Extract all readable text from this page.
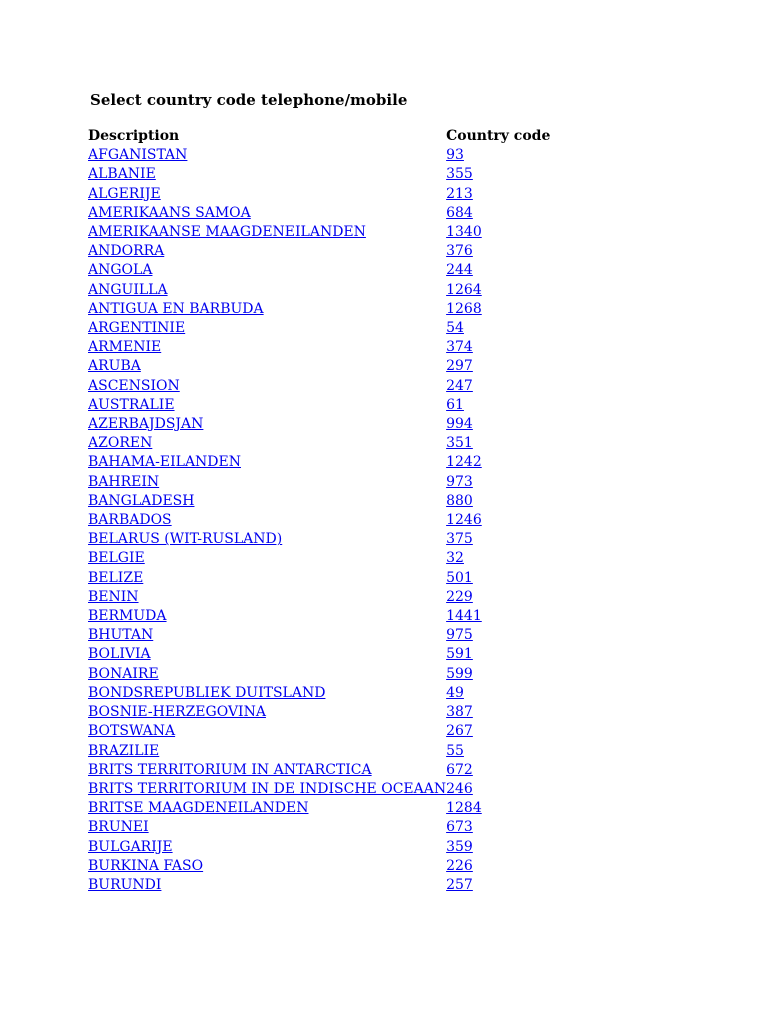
Select country code telephone/mobile
Description	Country code
AFGANISTAN	93
ALBANIE	355
ALGERIJE	213
AMERIKAANS SAMOA	684
AMERIKAANSE MAAGDENEILANDEN	1340
ANDORRA	376
ANGOLA	244
ANGUILLA	1264
ANTIGUA EN BARBUDA	1268
ARGENTINIE	54
ARMENIE	374
ARUBA	297
ASCENSION	247
AUSTRALIE	61
AZERBAJDSJAN	994
AZOREN	351
BAHAMA-EILANDEN	1242
BAHREIN	973
BANGLADESH	880
BARBADOS	1246
BELARUS (WIT-RUSLAND)	375
BELGIE	32
BELIZE	501
BENIN	229
BERMUDA	1441
BHUTAN	975
BOLIVIA	591
BONAIRE	599
BONDSREPUBLIEK DUITSLAND	49
BOSNIE-HERZEGOVINA	387
BOTSWANA	267
BRAZILIE	55
BRITS TERRITORIUM IN ANTARCTICA	672
BRITS TERRITORIUM IN DE INDISCHE OCEAAN	246
BRITSE MAAGDENEILANDEN	1284
BRUNEI	673
BULGARIJE	359
BURKINA FASO	226
BURUNDI	257
